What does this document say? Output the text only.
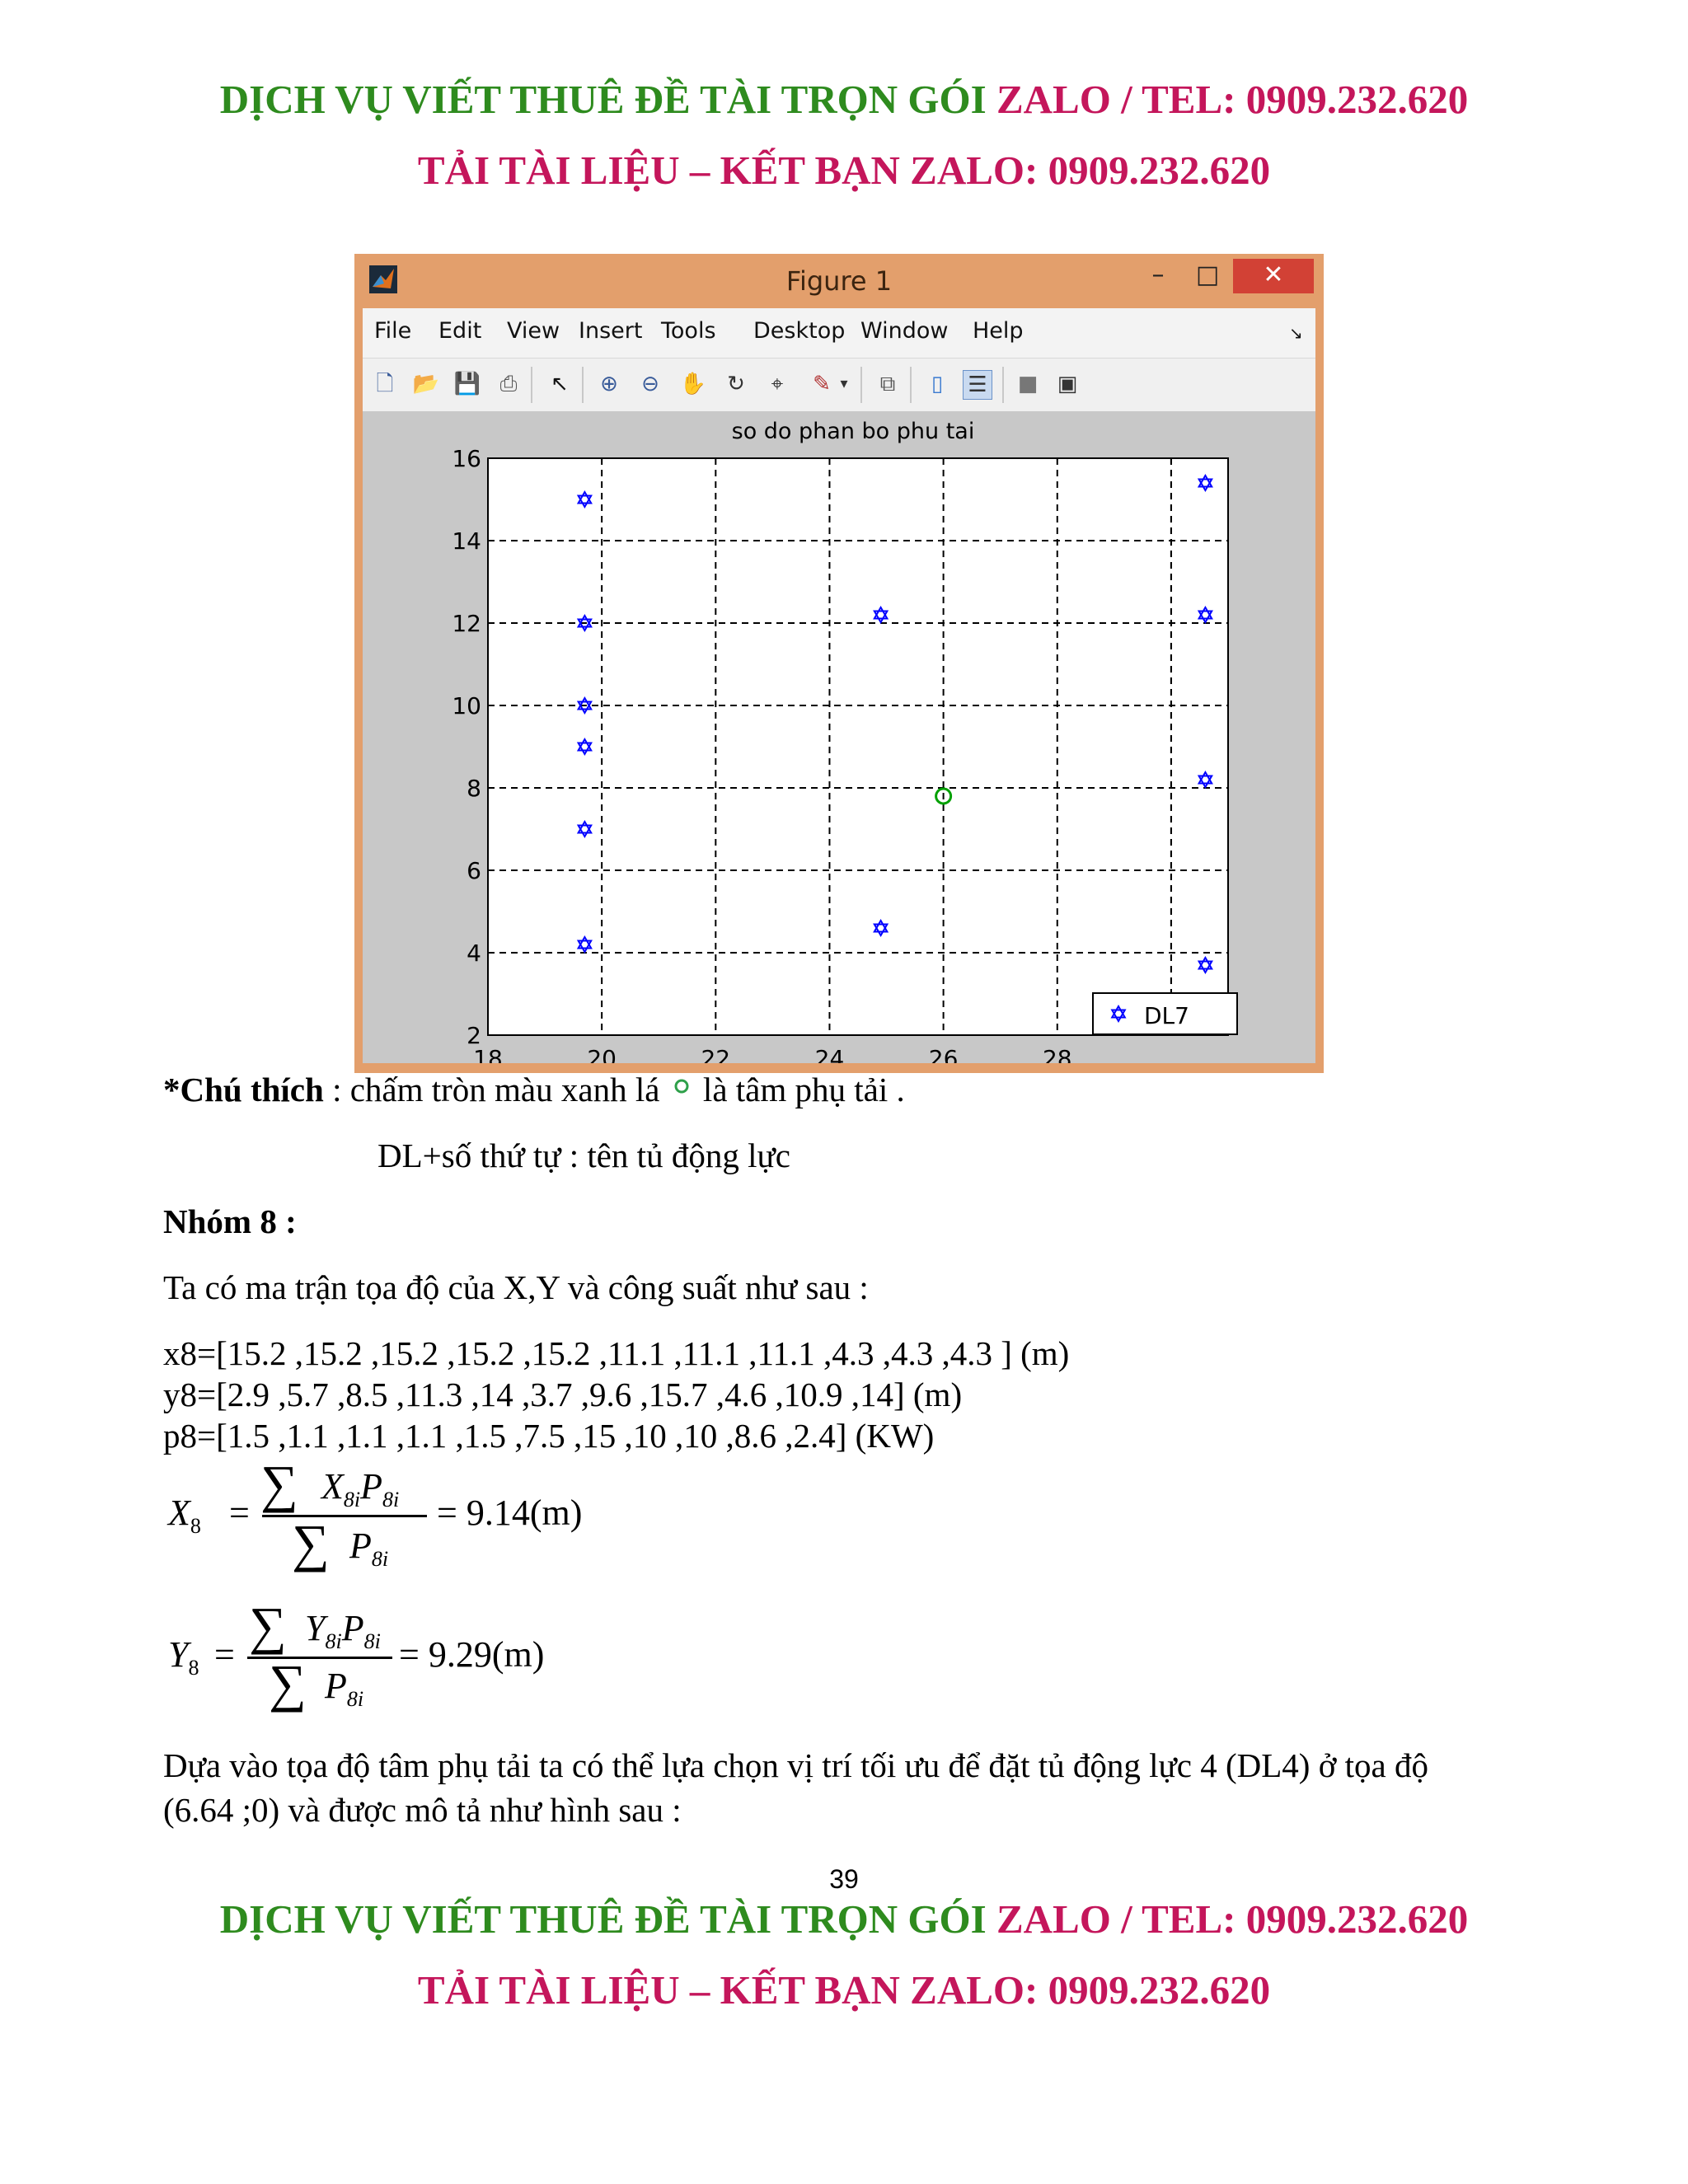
DỊCH VỤ VIẾT THUÊ ĐỀ TÀI TRỌN GÓI ZALO / TEL: 0909.232.620
TẢI TÀI LIỆU – KẾT BẠN ZALO: 0909.232.620
Figure 1	–	□	✕
File Edit View Insert Tools Desktop Window Help	↘
🗋 📂 💾 ⎙ ↖ ⊕ ⊖ ✋ ↻	⌖	✎ ▾ ⧉	▯	☰ ■ ▣
18	20	22	24	26	28
2
4
6
8
10
12
14
16
so do phan bo phu tai
DL7
*Chú thích : chấm tròn màu xanh lá  là tâm phụ tải .
DL+số thứ tự : tên tủ động lực
Nhóm 8 :
Ta có ma trận tọa độ của X,Y và công suất như sau :
x8=[15.2 ,15.2 ,15.2 ,15.2 ,15.2 ,11.1 ,11.1 ,11.1 ,4.3 ,4.3 ,4.3 ] (m)
y8=[2.9 ,5.7 ,8.5 ,11.3 ,14 ,3.7 ,9.6 ,15.7 ,4.6 ,10.9 ,14] (m)
p8=[1.5 ,1.1 ,1.1 ,1.1 ,1.5 ,7.5 ,15 ,10 ,10 ,8.6 ,2.4] (KW)
$X_8$ = ∑ $X_{8i}P_{8i}$
∑ $P_{8i}$
= 9.14(m)
$Y_8$ = ∑ $Y_{8i}P_{8i}$
∑ $P_{8i}$
= 9.29(m)
Dựa vào tọa độ tâm phụ tải ta có thể lựa chọn vị trí tối ưu để đặt tủ động lực 4 (DL4) ở tọa độ
(6.64 ;0) và được mô tả như hình sau :
39
DỊCH VỤ VIẾT THUÊ ĐỀ TÀI TRỌN GÓI ZALO / TEL: 0909.232.620
TẢI TÀI LIỆU – KẾT BẠN ZALO: 0909.232.620
